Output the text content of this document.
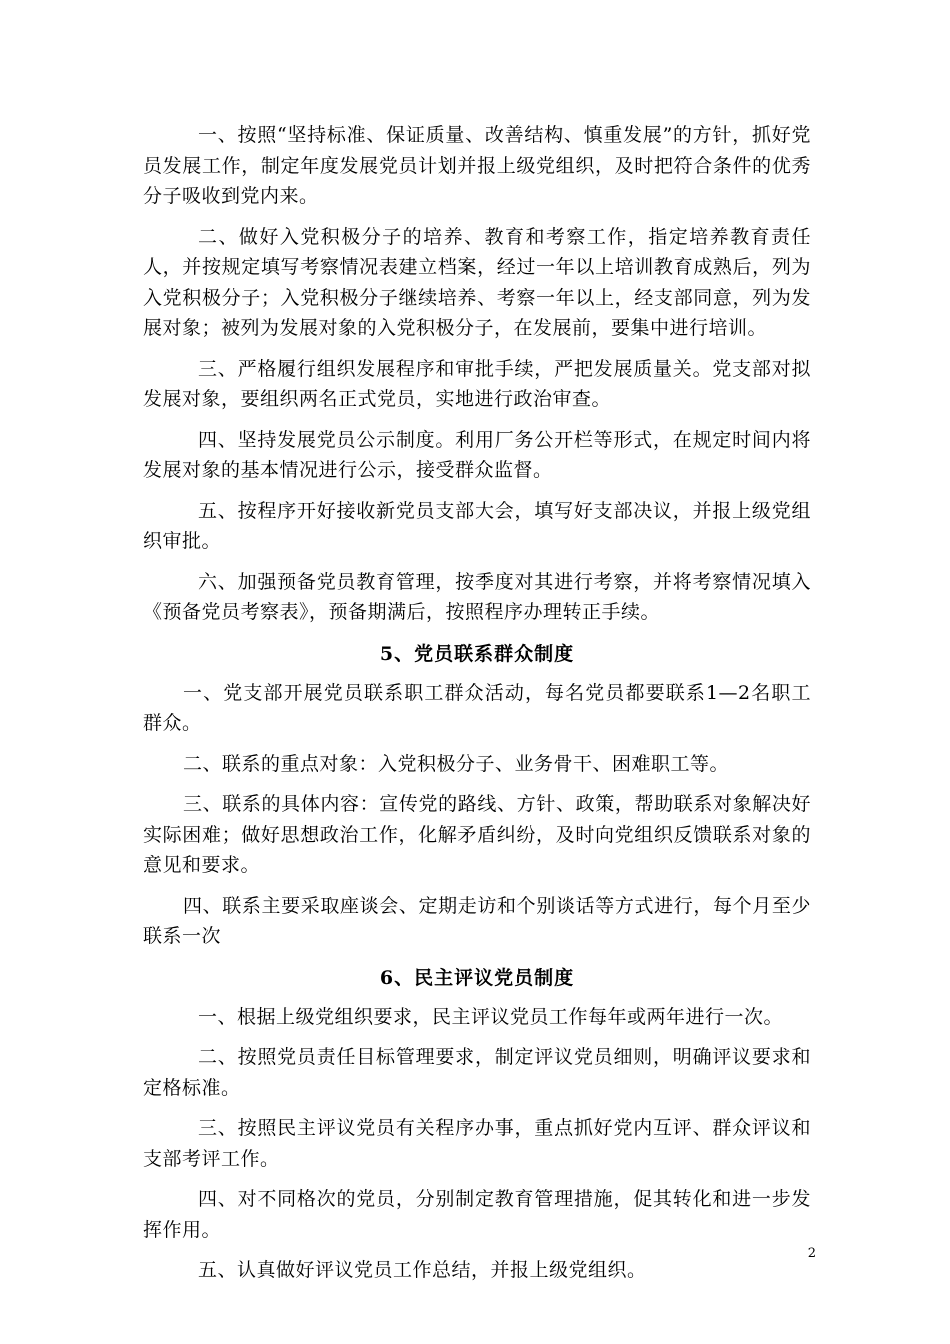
一、按照“坚持标准、保证质量、改善结构、慎重发展”的方针，抓好党员发展工作，制定年度发展党员计划并报上级党组织，及时把符合条件的优秀分子吸收到党内来。

二、做好入党积极分子的培养、教育和考察工作，指定培养教育责任人，并按规定填写考察情况表建立档案，经过一年以上培训教育成熟后，列为入党积极分子；入党积极分子继续培养、考察一年以上，经支部同意，列为发展对象；被列为发展对象的入党积极分子，在发展前，要集中进行培训。

三、严格履行组织发展程序和审批手续，严把发展质量关。党支部对拟发展对象，要组织两名正式党员，实地进行政治审查。

四、坚持发展党员公示制度。利用厂务公开栏等形式，在规定时间内将发展对象的基本情况进行公示，接受群众监督。

五、按程序开好接收新党员支部大会，填写好支部决议，并报上级党组织审批。

六、加强预备党员教育管理，按季度对其进行考察，并将考察情况填入《预备党员考察表》，预备期满后，按照程序办理转正手续。

5、党员联系群众制度

一、党支部开展党员联系职工群众活动，每名党员都要联系1—2名职工群众。

二、联系的重点对象：入党积极分子、业务骨干、困难职工等。

三、联系的具体内容：宣传党的路线、方针、政策，帮助联系对象解决好实际困难；做好思想政治工作，化解矛盾纠纷，及时向党组织反馈联系对象的意见和要求。

四、联系主要采取座谈会、定期走访和个别谈话等方式进行，每个月至少联系一次

6、民主评议党员制度

一、根据上级党组织要求，民主评议党员工作每年或两年进行一次。

二、按照党员责任目标管理要求，制定评议党员细则，明确评议要求和定格标准。

三、按照民主评议党员有关程序办事，重点抓好党内互评、群众评议和支部考评工作。

四、对不同格次的党员，分别制定教育管理措施，促其转化和进一步发挥作用。

五、认真做好评议党员工作总结，并报上级党组织。

2
